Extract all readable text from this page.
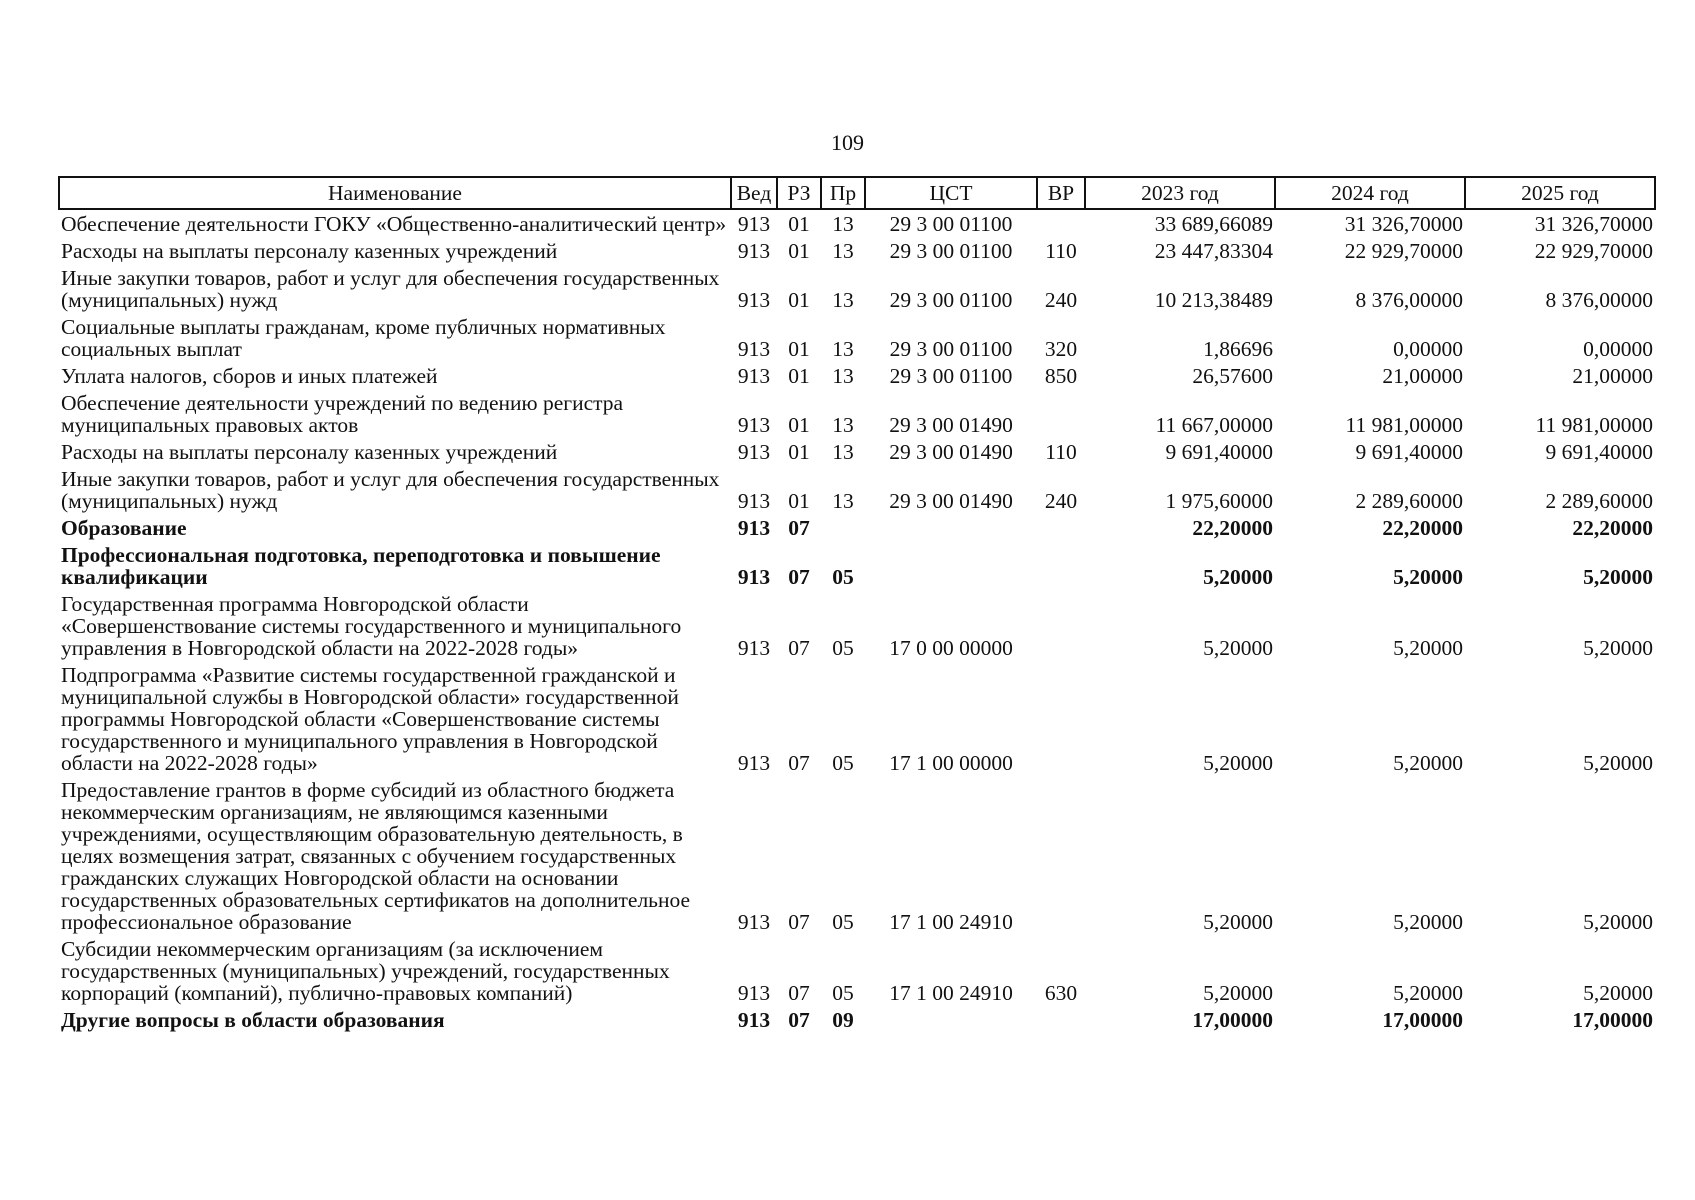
109
Наименование	Вед	РЗ	Пр	ЦСТ	ВР	2023 год	2024 год	2025 год
Обеспечение деятельности ГОКУ «Общественно-аналитический центр»	913	01	13	29 3 00 01100		33 689,66089	31 326,70000	31 326,70000
Расходы на выплаты персоналу казенных учреждений	913	01	13	29 3 00 01100	110	23 447,83304	22 929,70000	22 929,70000
Иные закупки товаров, работ и услуг для обеспечения государственных (муниципальных) нужд	913	01	13	29 3 00 01100	240	10 213,38489	8 376,00000	8 376,00000
Социальные выплаты гражданам, кроме публичных нормативных социальных выплат	913	01	13	29 3 00 01100	320	1,86696	0,00000	0,00000
Уплата налогов, сборов и иных платежей	913	01	13	29 3 00 01100	850	26,57600	21,00000	21,00000
Обеспечение деятельности учреждений по ведению регистра муниципальных правовых актов	913	01	13	29 3 00 01490		11 667,00000	11 981,00000	11 981,00000
Расходы на выплаты персоналу казенных учреждений	913	01	13	29 3 00 01490	110	9 691,40000	9 691,40000	9 691,40000
Иные закупки товаров, работ и услуг для обеспечения государственных (муниципальных) нужд	913	01	13	29 3 00 01490	240	1 975,60000	2 289,60000	2 289,60000
Образование	913	07				22,20000	22,20000	22,20000
Профессиональная подготовка, переподготовка и повышение квалификации	913	07	05			5,20000	5,20000	5,20000
Государственная программа Новгородской области «Совершенствование системы государственного и муниципального управления в Новгородской области на 2022-2028 годы»	913	07	05	17 0 00 00000		5,20000	5,20000	5,20000
Подпрограмма «Развитие системы государственной гражданской и муниципальной службы в Новгородской области» государственной программы Новгородской области «Совершенствование системы государственного и муниципального управления в Новгородской области на 2022-2028 годы»	913	07	05	17 1 00 00000		5,20000	5,20000	5,20000
Предоставление грантов в форме субсидий из областного бюджета некоммерческим организациям, не являющимся казенными учреждениями, осуществляющим образовательную деятельность, в целях возмещения затрат, связанных с обучением государственных гражданских служащих Новгородской области на основании государственных образовательных сертификатов на дополнительное профессиональное образование	913	07	05	17 1 00 24910		5,20000	5,20000	5,20000
Субсидии некоммерческим организациям (за исключением государственных (муниципальных) учреждений, государственных корпораций (компаний), публично-правовых компаний)	913	07	05	17 1 00 24910	630	5,20000	5,20000	5,20000
Другие вопросы в области образования	913	07	09			17,00000	17,00000	17,00000
